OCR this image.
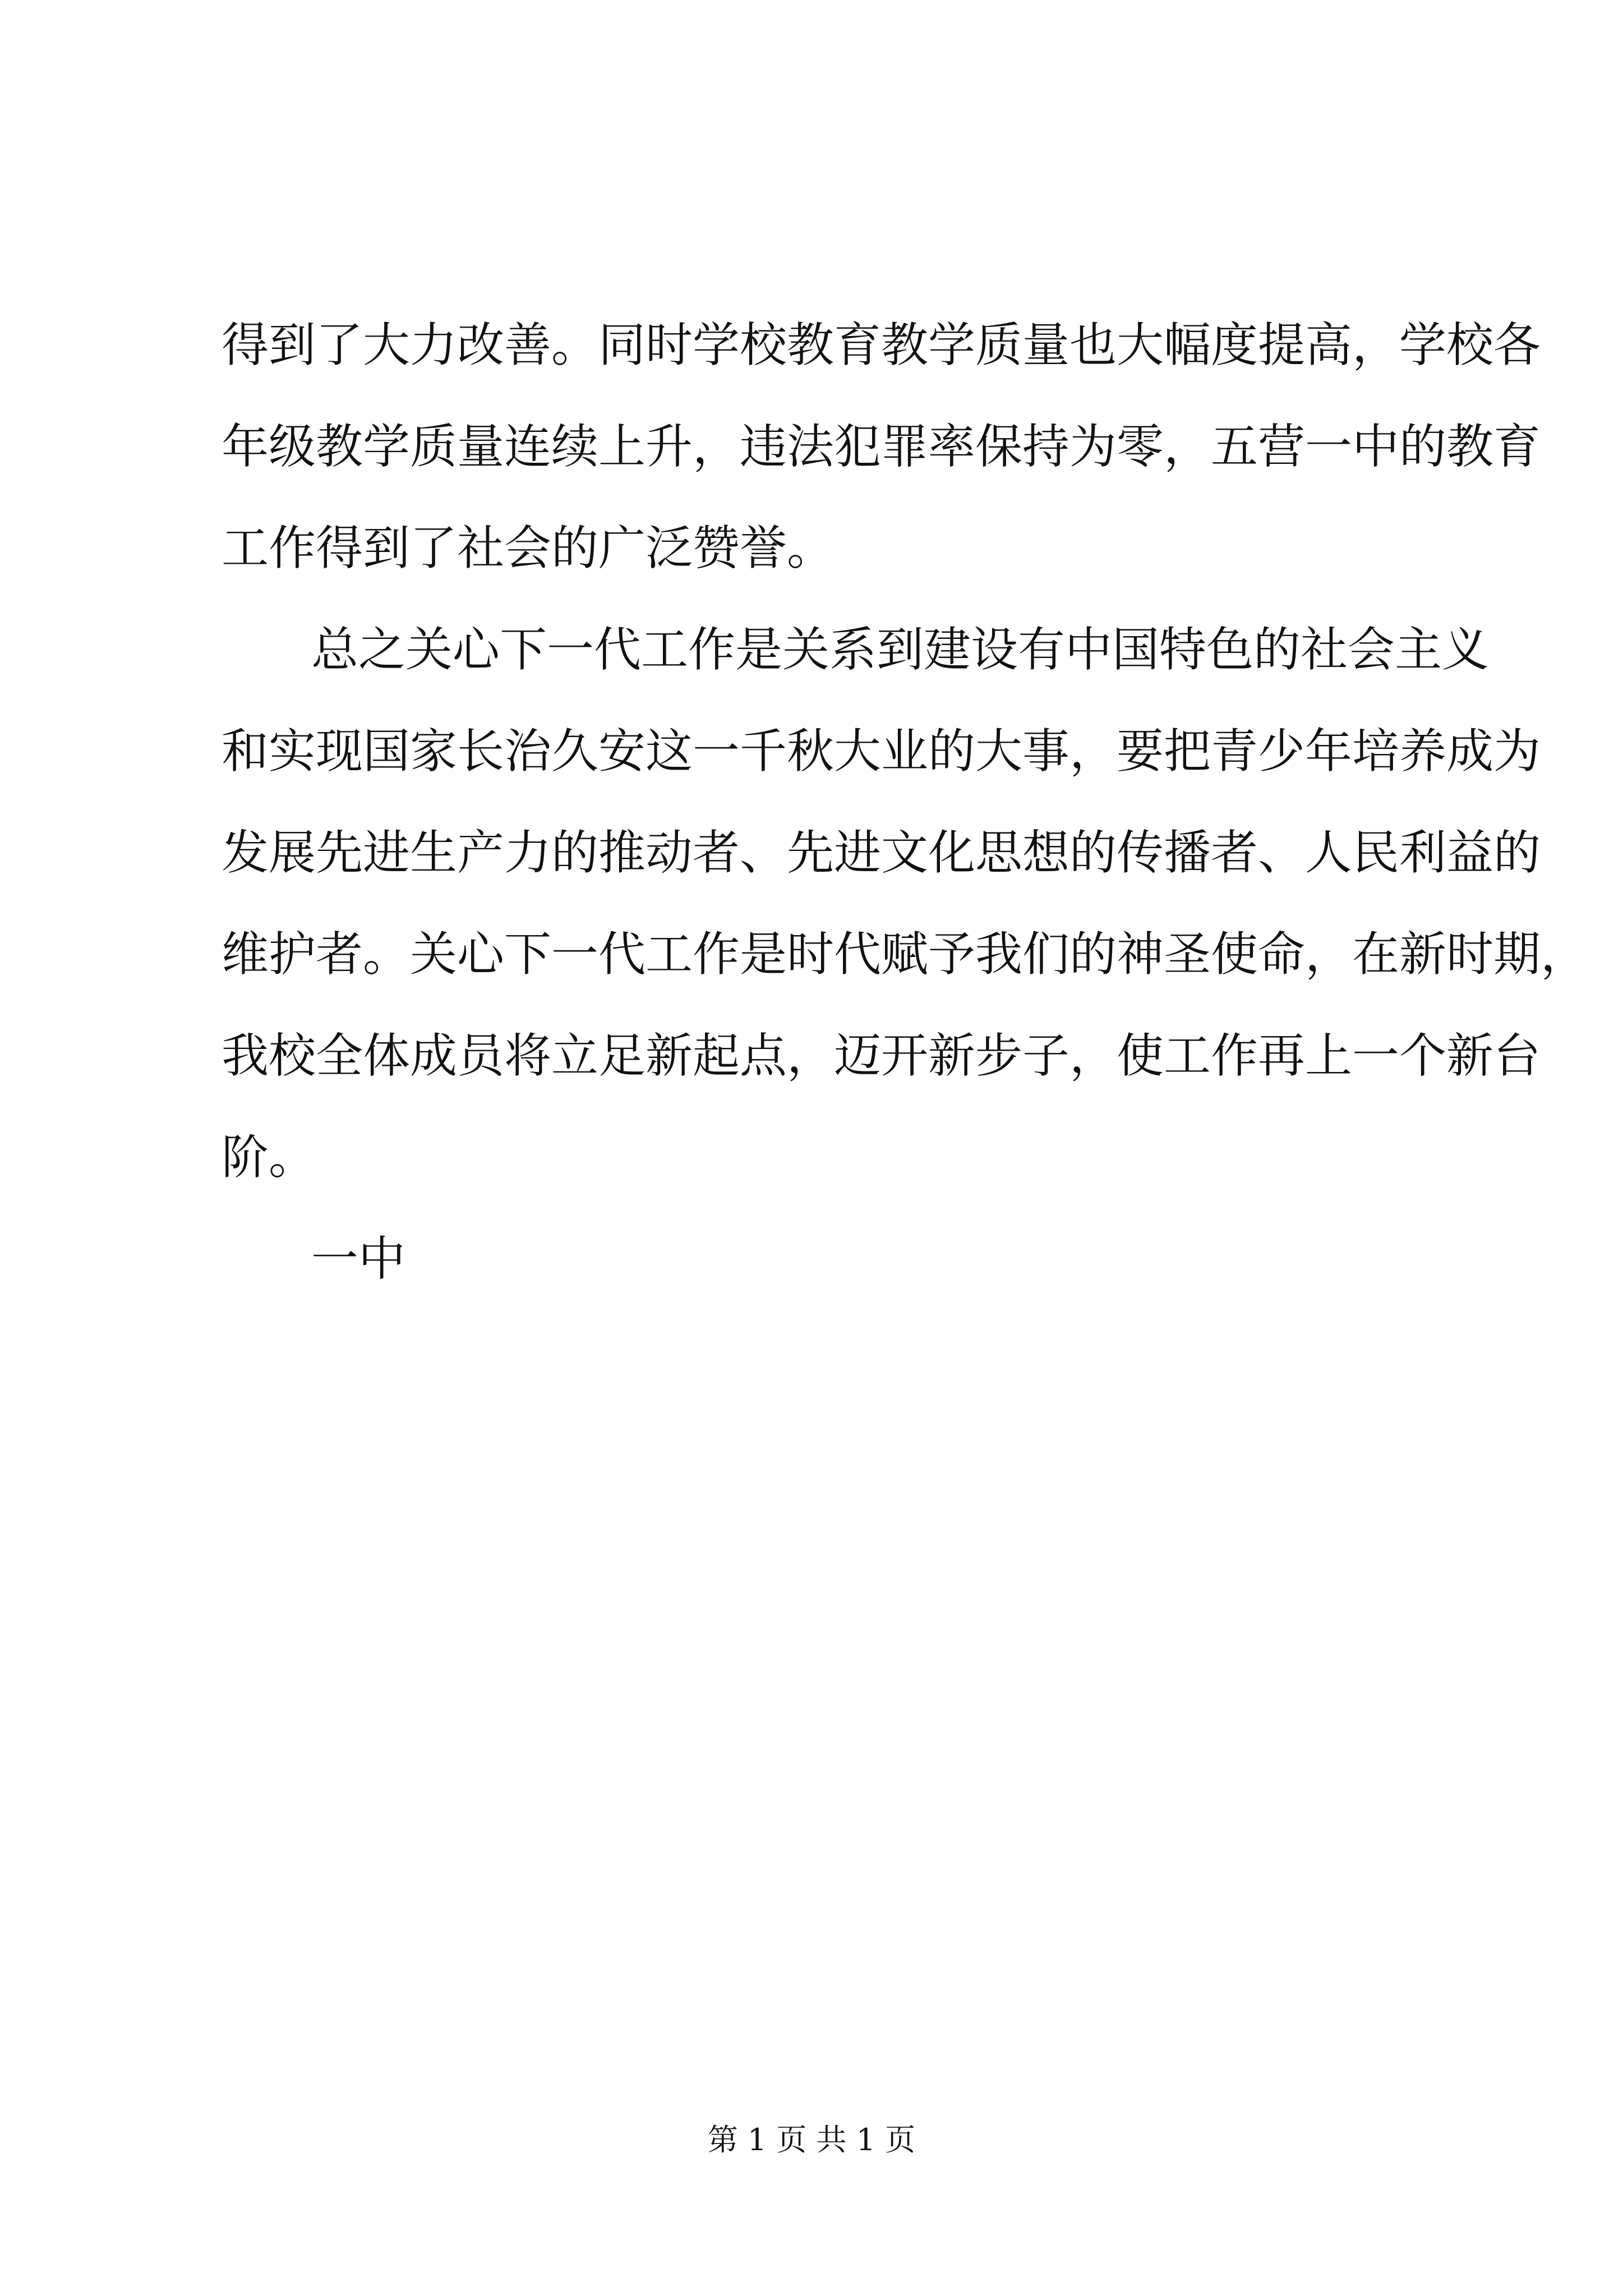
得到了大力改善。同时学校教育教学质量也大幅度提高，学校各
年级教学质量连续上升，违法犯罪率保持为零，五营一中的教育
工作得到了社会的广泛赞誉。
总之关心下一代工作是关系到建设有中国特色的社会主义
和实现国家长治久安这一千秋大业的大事，要把青少年培养成为
发展先进生产力的推动者、先进文化思想的传播者、人民利益的
维护者。关心下一代工作是时代赋予我们的神圣使命，在新时期，
我校全体成员将立足新起点，迈开新步子，使工作再上一个新台
阶。
一中
第 1 页 共 1 页
